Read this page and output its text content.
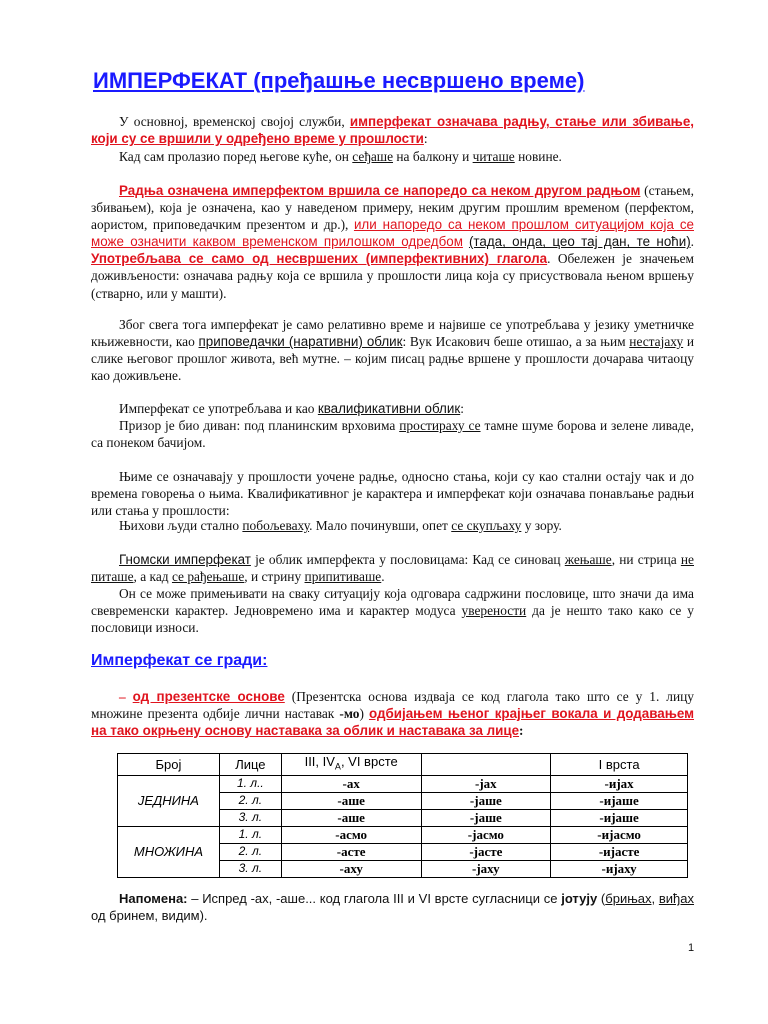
ИМПЕРФЕКАТ (пређашње несвршено време)
У основној, временској својој служби, имперфекат означава радњу, стање или збивање, који су се вршили у одређено време у прошлости:
Кад сам пролазио поред његове куће, он сеђаше на балкону и читаше новине.
Радња означена имперфектом вршила се напоредо са неком другом радњом (стањем, збивањем), која је означена, као у наведеном примеру, неким другим прошлим временом (перфектом, аористом, приповедачким презентом и др.), или напоредо са неком прошлом ситуацијом која се може означити каквом временском прилошком одредбом (тада, онда, цео тај дан, те ноћи). Употребљава се само од несвршених (имперфективних) глагола. Обележен је значењем доживљености: означава радњу која се вршила у прошлости лица која су присуствовала њеном вршењу (стварно, или у машти).
Због свега тога имперфекат је само релативно време и највише се употребљава у језику уметничке књижевности, као приповедачки (наративни) облик: Вук Исакович беше отишао, а за њим нестајаху и слике његовог прошлог живота, већ мутне. – којим писац радње вршене у прошлости дочарава читаоцу као доживљене.
Имперфекат се употребљава и као квалификативни облик:
Призор је био диван: под планинским врховима простираху се тамне шуме борова и зелене ливаде, са понеком бачијом.
Њиме се означавају у прошлости уочене радње, односно стања, који су као стални остају чак и до времена говорења о њима. Квалификативног је карактера и имперфекат који означава понављање радњи или стања у прошлости:
Њихови људи стално побољеваху. Мало починувши, опет се скупљаху у зору.
Гномски имперфекат је облик имперфекта у пословицама: Кад се синовац жењаше, ни стрица не питаше, а кад се рађењаше, и стрину припитиваше.
Он се може примењивати на сваку ситуацију која одговара садржини пословице, што значи да има свевременски карактер. Једновремено има и карактер модуса уверености да је нешто тако како се у пословици износи.
Имперфекат се гради:
– од презентске основе (Презентска основа издваја се код глагола тако што се у 1. лицу множине презента одбије лични наставак -мо) одбијањем њеног крајњег вокала и додавањем на тако окрњену основу наставака за облик и наставака за лице:
Број	Лице	III, $IV_A$, VI врсте		I врста
ЈЕДНИНА	1. л..	-ах	-јах	-ијах
	2. л.	-аше	-јаше	-ијаше
	3. л.	-аше	-јаше	-ијаше
МНОЖИНА	1. л.	-асмо	-јасмо	-ијасмо
	2. л.	-асте	-јасте	-ијасте
	3. л.	-аху	-јаху	-ијаху
Напомена: – Испред -ах, -аше... код глагола III и VI врсте сугласници се јотују (брињах, виђах од бринем, видим).
1
